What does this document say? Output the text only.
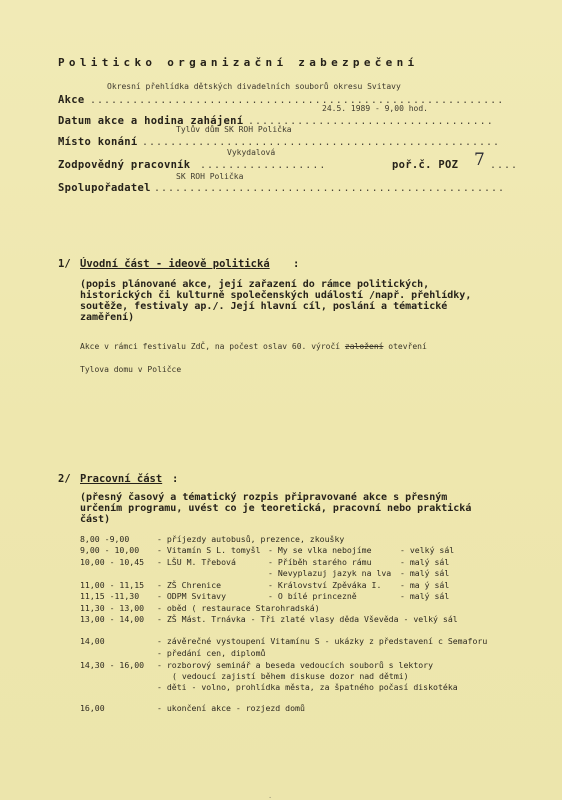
Politicko organizační zabezpečení
Okresní přehlídka dětských divadelních souborů okresu Svitavy
Akce ...........................................................
24.5. 1989 - 9,00 hod.
Datum akce a hodina zahájení ...................................
Tylův dům SK ROH Polička
Místo konání ...................................................
Vykydalová
Zodpovědný pracovník ..................	poř.č. POZ 7 ....
SK ROH Polička
Spolupořadatel ..................................................
1/ Úvodní část - ideově politická :
(popis plánované akce, její zařazení do rámce politických, historických či kulturně společenských událostí /např. přehlídky, soutěže, festivaly ap./. Její hlavní cíl, poslání a tématické zaměření)
Akce v rámci festivalu ZdČ, na počest oslav 60. výročí založení otevření
Tylova domu v Poličce
2/ Pracovní část :
(přesný časový a tématický rozpis připravované akce s přesným určením programu, uvést co je teoretická, pracovní nebo praktická část)
8,00 -9,00	- příjezdy autobusů, prezence, zkoušky
9,00 - 10,00 - Vitamín S L. tomyšl - My se vlka nebojíme	- velký sál
10,00 - 10,45 - LŠU M. Třebová	- Příběh starého rámu	- malý sál
- Nevyplazuj jazyk na lva - malý sál
11,00 - 11,15 - ZŠ Chrenice	- Království Zpěváka I. - ma ý sál
11,15 -11,30 - ODPM Svitavy	- O bílé princezně	- malý sál
11,30 - 13,00 - oběd ( restaurace Starohradská)
13,00 - 14,00 - ZŠ Mást. Trnávka - Tři zlaté vlasy děda Vševěda - velký sál
14,00	- závěrečné vystoupení Vitamínu S - ukázky z představení c Semaforu
- předání cen, diplomů
14,30 - 16,00 - rozborový seminář a beseda vedoucích souborů s lektory
( vedoucí zajistí během diskuse dozor nad dětmi)
- děti - volno, prohlídka města, za špatného počasí diskotéka
16,00	- ukončení akce - rozjezd domů
.
